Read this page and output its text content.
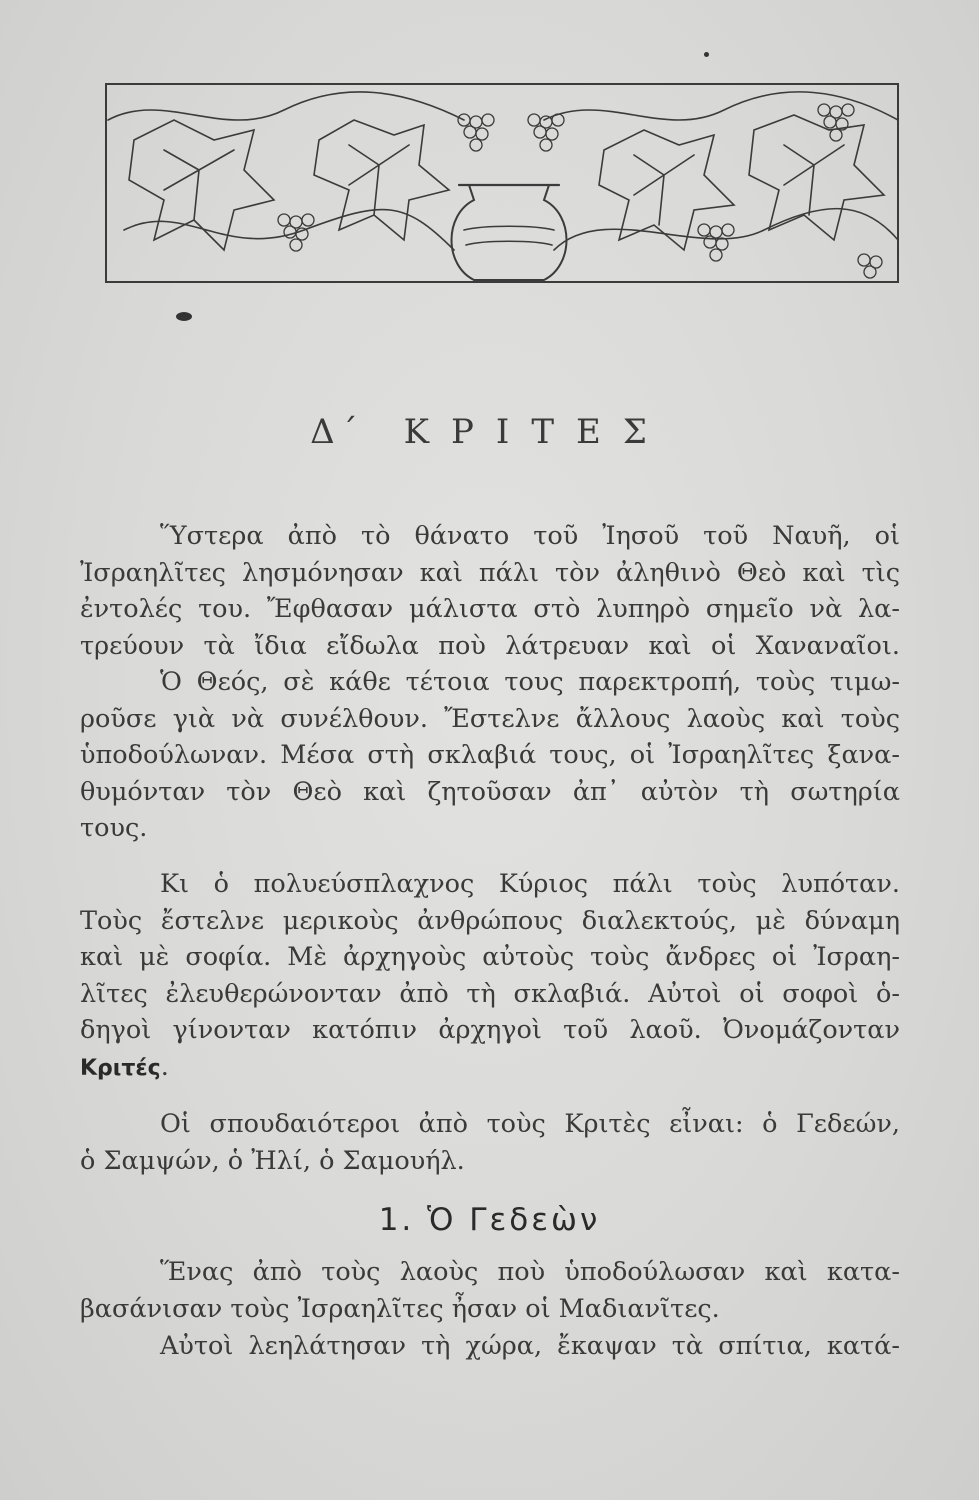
Δ΄ ΚΡΙΤΕΣ
Ὕστερα ἀπὸ τὸ θάνατο τοῦ Ἰησοῦ τοῦ Ναυῆ, οἱ
Ἰσραηλῖτες λησμόνησαν καὶ πάλι τὸν ἀληθινὸ Θεὸ καὶ τὶς
ἐντολές του. Ἔφθασαν μάλιστα στὸ λυπηρὸ σημεῖο νὰ λα-
τρεύουν τὰ ἴδια εἴδωλα ποὺ λάτρευαν καὶ οἱ Χαναναῖοι.
Ὁ Θεός, σὲ κάθε τέτοια τους παρεκτροπή, τοὺς τιμω-
ροῦσε γιὰ νὰ συνέλθουν. Ἔστελνε ἄλλους λαοὺς καὶ τοὺς
ὑποδούλωναν. Μέσα στὴ σκλαβιά τους, οἱ Ἰσραηλῖτες ξανα-
θυμόνταν τὸν Θεὸ καὶ ζητοῦσαν ἀπ᾿ αὐτὸν τὴ σωτηρία
τους.
Κι ὁ πολυεύσπλαχνος Κύριος πάλι τοὺς λυπόταν.
Τοὺς ἔστελνε μερικοὺς ἀνθρώπους διαλεκτούς, μὲ δύναμη
καὶ μὲ σοφία. Μὲ ἀρχηγοὺς αὐτοὺς τοὺς ἄνδρες οἱ Ἰσραη-
λῖτες ἐλευθερώνονταν ἀπὸ τὴ σκλαβιά. Αὐτοὶ οἱ σοφοὶ ὁ-
δηγοὶ γίνονταν κατόπιν ἀρχηγοὶ τοῦ λαοῦ. Ὀνομάζονταν
Κριτές.
Οἱ σπουδαιότεροι ἀπὸ τοὺς Κριτὲς εἶναι: ὁ Γεδεών,
ὁ Σαμψών, ὁ Ἠλί, ὁ Σαμουήλ.
1. Ὁ Γεδεὼν
Ἕνας ἀπὸ τοὺς λαοὺς ποὺ ὑποδούλωσαν καὶ κατα-
βασάνισαν τοὺς Ἰσραηλῖτες ἦσαν οἱ Μαδιανῖτες.
Αὐτοὶ λεηλάτησαν τὴ χώρα, ἔκαψαν τὰ σπίτια, κατά-
